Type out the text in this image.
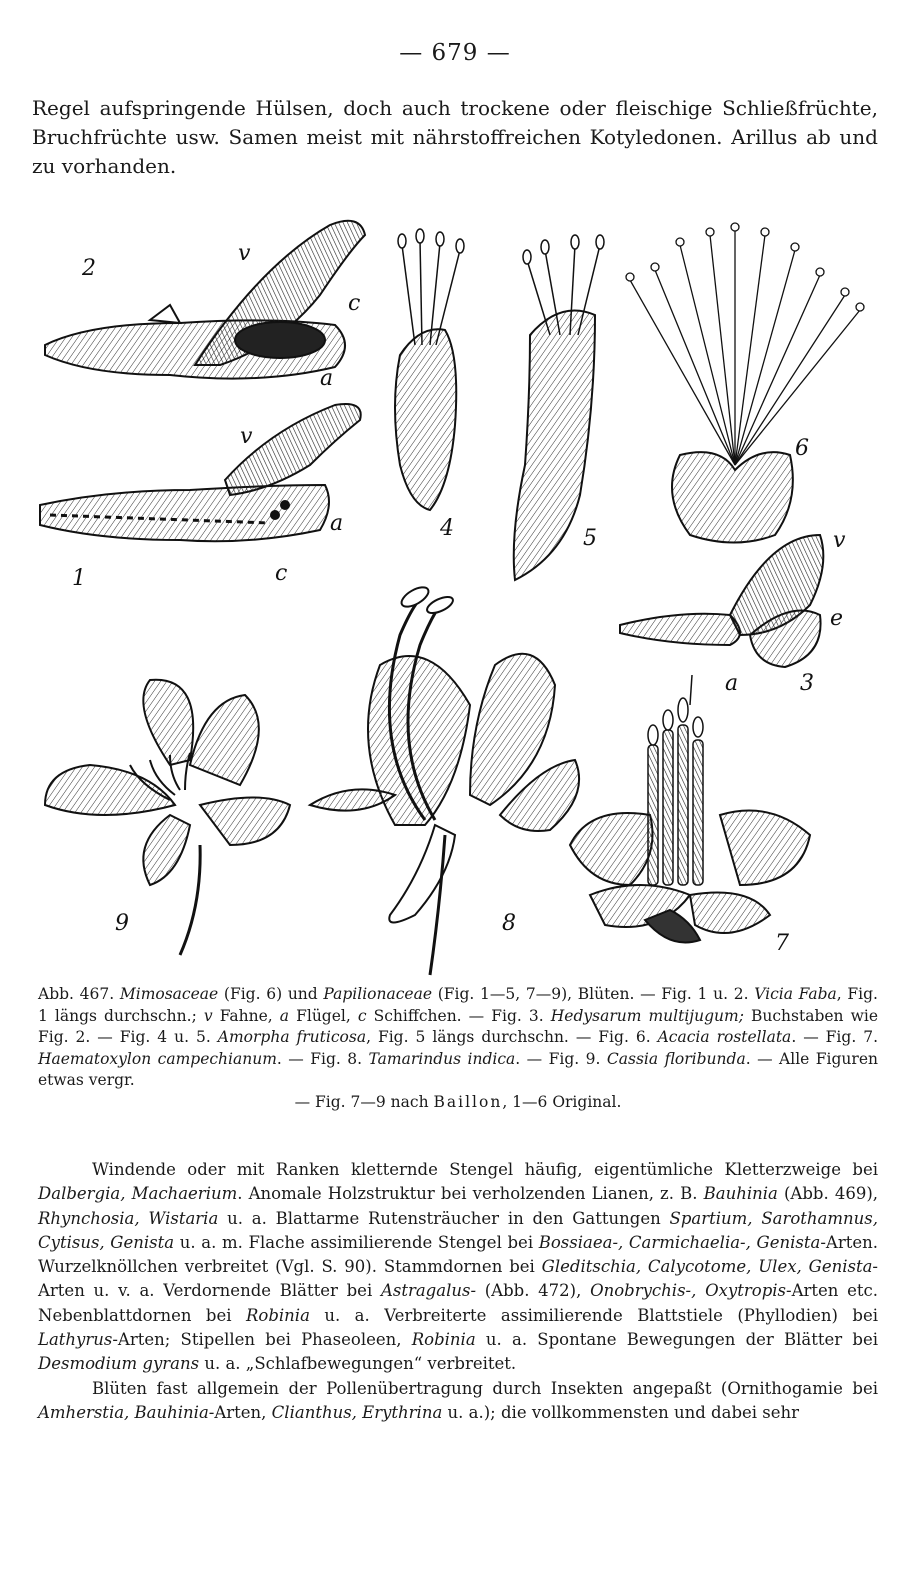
— 679 —

Regel aufspringende Hülsen, doch auch trockene oder fleischige Schließfrüchte, Bruchfrüchte usw. Samen meist mit nährstoffreichen Kotyledonen. Arillus ab und zu vorhanden.

2
1
3
4	5
6
7
8
9
v
c
a
v
a
c
v
e
a
Abb. 467. Mimosaceae (Fig. 6) und Papilionaceae (Fig. 1—5, 7—9), Blüten. — Fig. 1 u. 2. Vicia Faba, Fig. 1 längs durchschn.; v Fahne, a Flügel, c Schiffchen. — Fig. 3. Hedysarum multijugum; Buchstaben wie Fig. 2. — Fig. 4 u. 5. Amorpha fruticosa, Fig. 5 längs durchschn. — Fig. 6. Acacia rostellata. — Fig. 7. Haematoxylon campechianum. — Fig. 8. Tamarindus indica. — Fig. 9. Cassia floribunda. — Alle Figuren etwas vergr.
— Fig. 7—9 nach Baillon, 1—6 Original.

Windende oder mit Ranken kletternde Stengel häufig, eigentümliche Kletterzweige bei Dalbergia, Machaerium. Anomale Holzstruktur bei verholzenden Lianen, z. B. Bauhinia (Abb. 469), Rhynchosia, Wistaria u. a. Blattarme Rutensträucher in den Gattungen Spartium, Sarothamnus, Cytisus, Genista u. a. m. Flache assimilierende Stengel bei Bossiaea-, Carmichaelia-, Genista-Arten. Wurzelknöllchen verbreitet (Vgl. S. 90). Stammdornen bei Gleditschia, Calycotome, Ulex, Genista-Arten u. v. a. Verdornende Blätter bei Astragalus- (Abb. 472), Onobrychis-, Oxytropis-Arten etc. Nebenblattdornen bei Robinia u. a. Verbreiterte assimilierende Blattstiele (Phyllodien) bei Lathyrus-Arten; Stipellen bei Phaseoleen, Robinia u. a. Spontane Bewegungen der Blätter bei Desmodium gyrans u. a. „Schlafbewegungen“ verbreitet.

Blüten fast allgemein der Pollenübertragung durch Insekten angepaßt (Ornithogamie bei Amherstia, Bauhinia-Arten, Clianthus, Erythrina u. a.); die vollkommensten und dabei sehr
